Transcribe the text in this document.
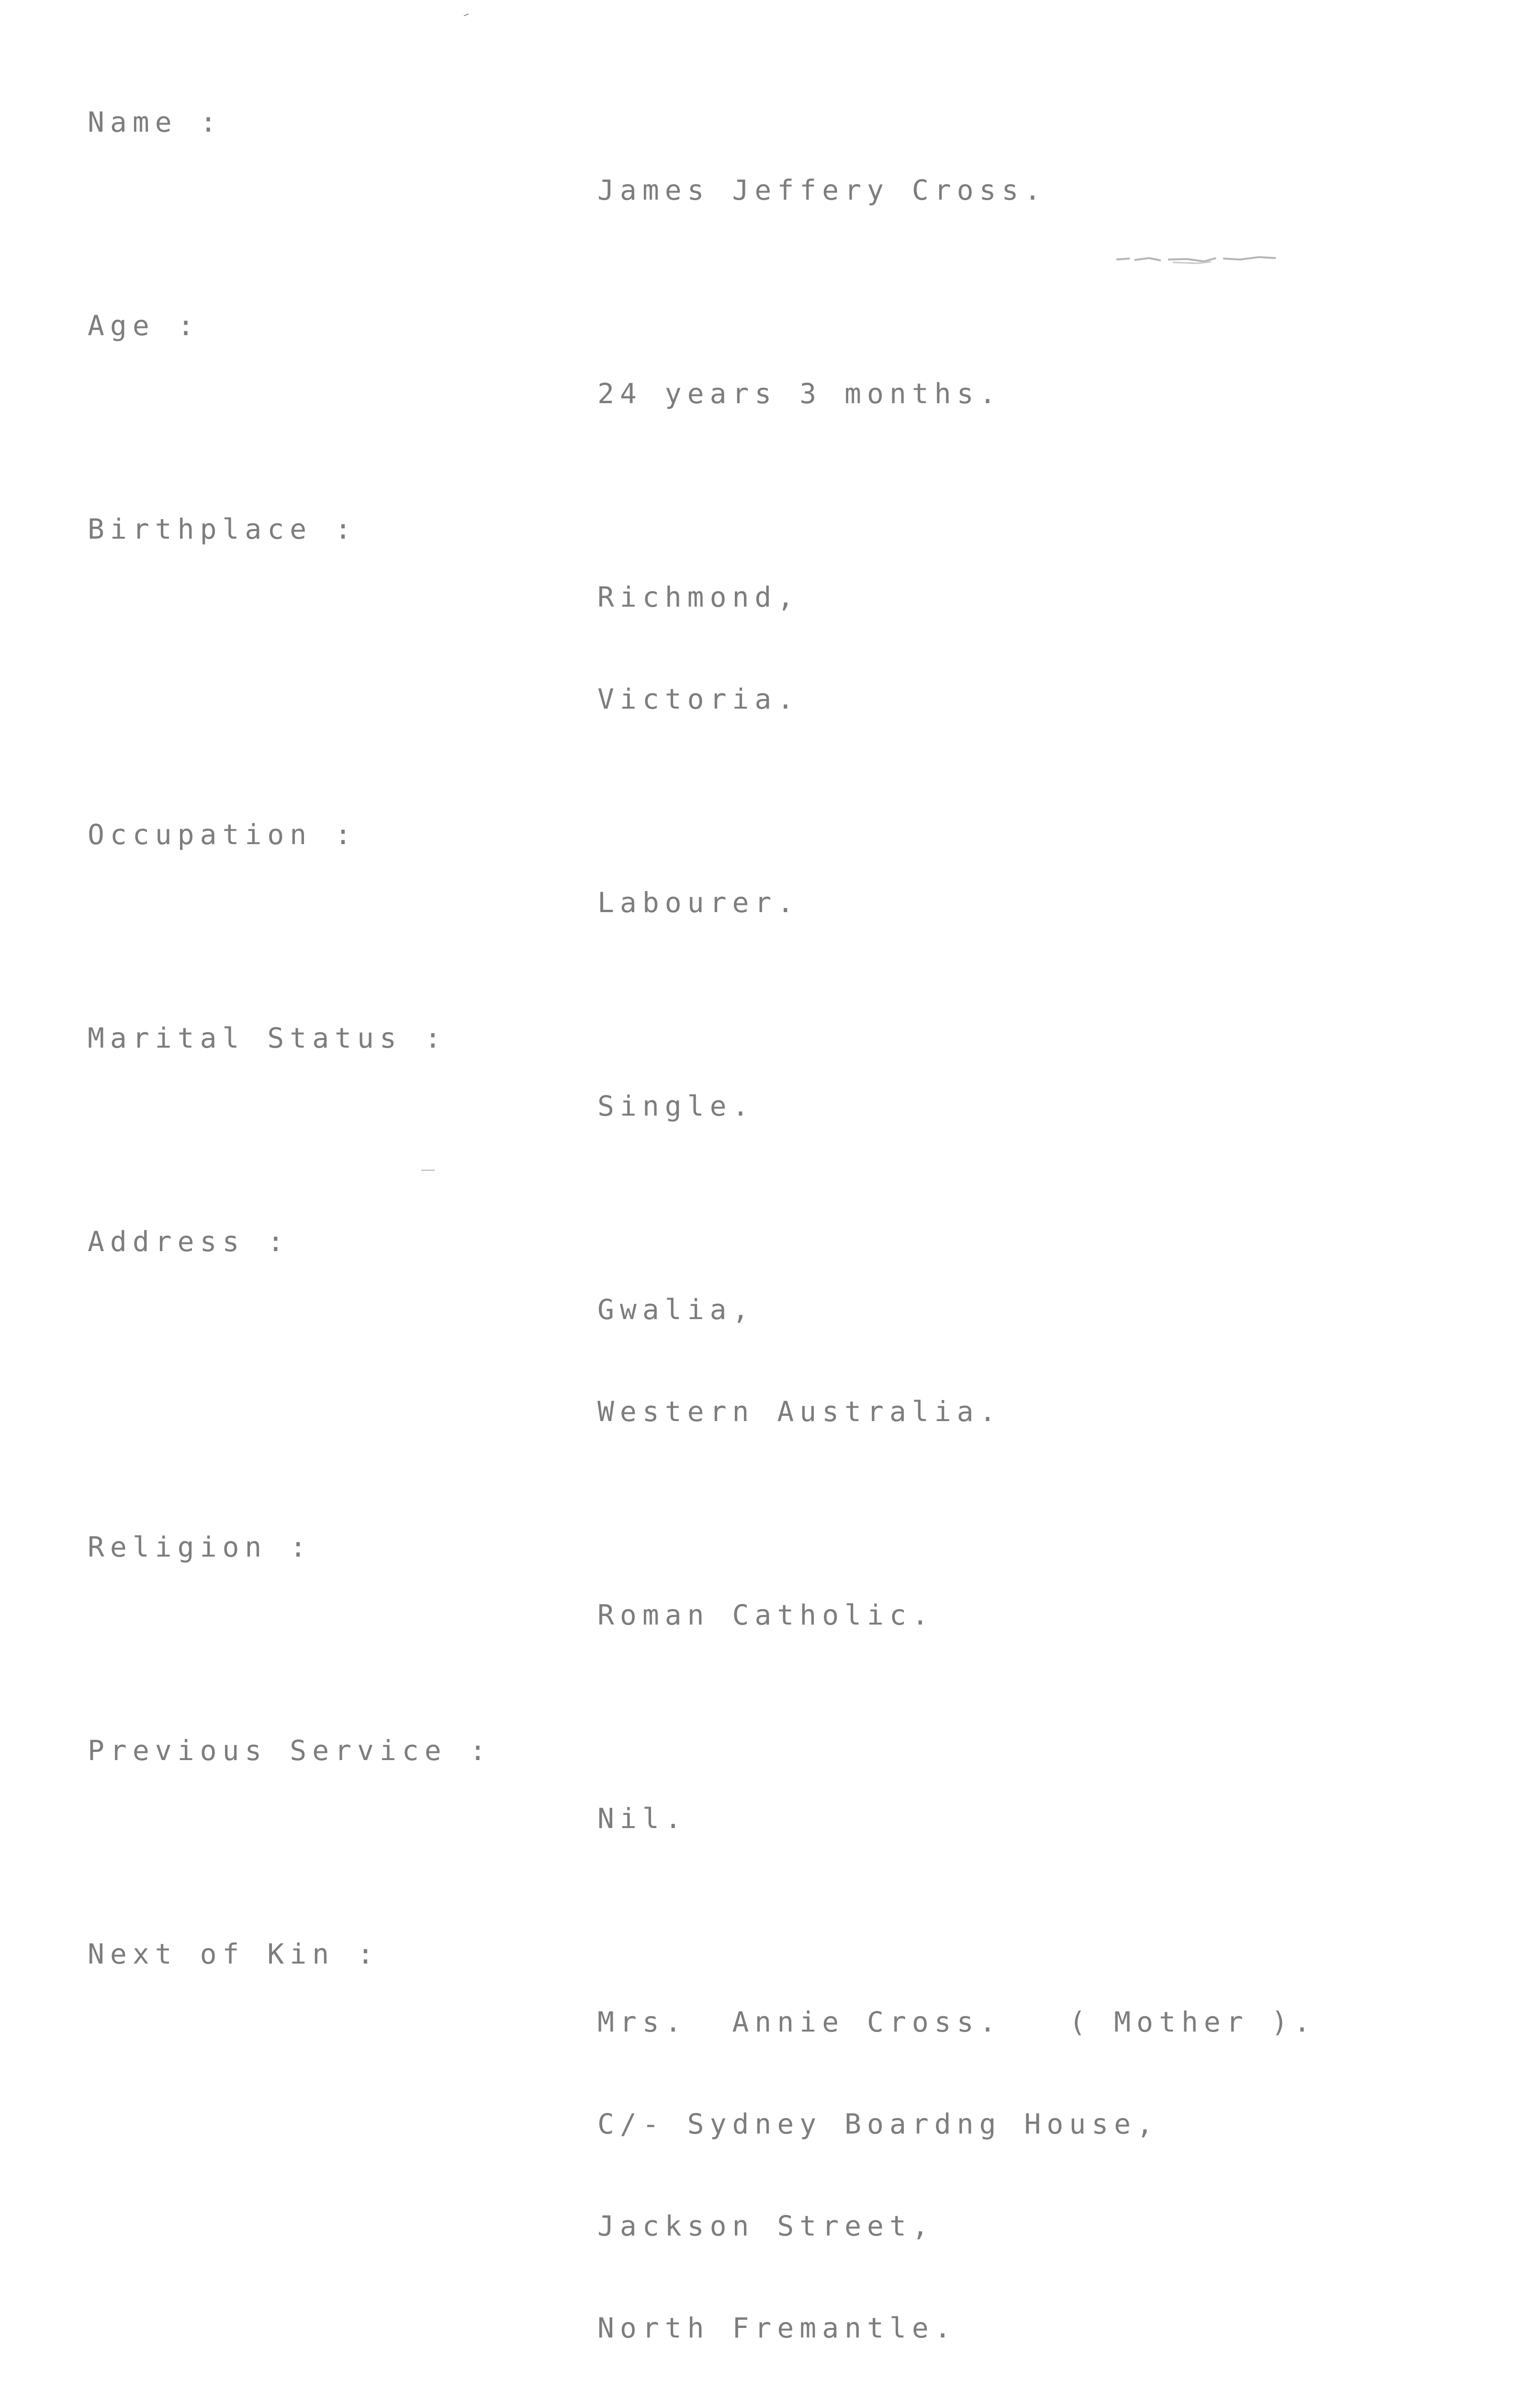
Name :

James Jeffery Cross.

Age :

24 years 3 months.

Birthplace :

Richmond,

Victoria.

Occupation :

Labourer.

Marital Status :

Single.

Address :

Gwalia,

Western Australia.

Religion :

Roman Catholic.

Previous Service :

Nil.

Next of Kin :

Mrs.  Annie Cross.   ( Mother ).

C/- Sydney Boardng House,

Jackson Street,

North Fremantle.
